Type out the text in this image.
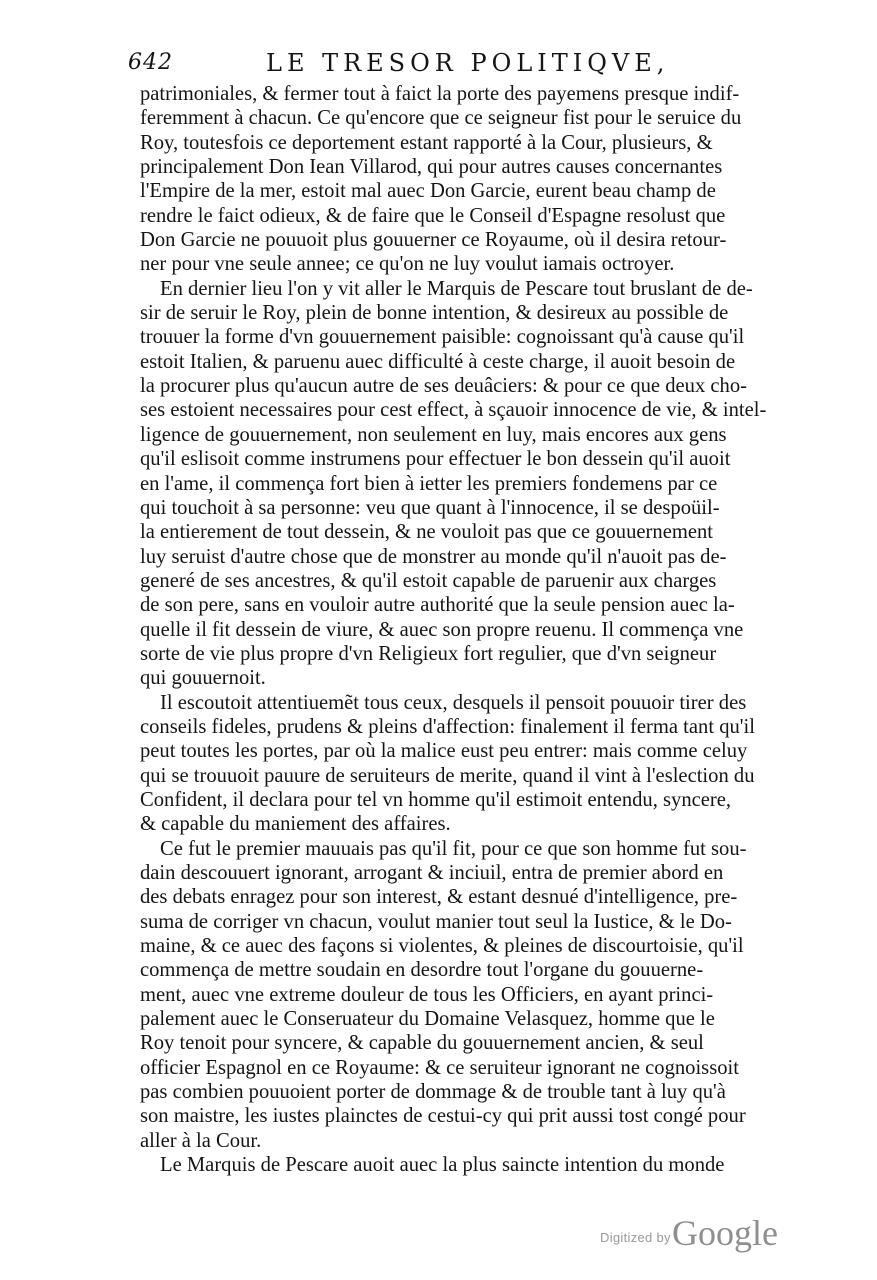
642	LE TRESOR POLITIQVE,
patrimoniales, & fermer tout à faict la porte des payemens presque indif-
feremment à chacun. Ce qu'encore que ce seigneur fist pour le seruice du
Roy, toutesfois ce deportement estant rapporté à la Cour, plusieurs, &
principalement Don Iean Villarod, qui pour autres causes concernantes
l'Empire de la mer, estoit mal auec Don Garcie, eurent beau champ de
rendre le faict odieux, & de faire que le Conseil d'Espagne resolust que
Don Garcie ne pouuoit plus gouuerner ce Royaume, où il desira retour-
ner pour vne seule annee; ce qu'on ne luy voulut iamais octroyer.
En dernier lieu l'on y vit aller le Marquis de Pescare tout bruslant de de-
sir de seruir le Roy, plein de bonne intention, & desireux au possible de
trouuer la forme d'vn gouuernement paisible: cognoissant qu'à cause qu'il
estoit Italien, & paruenu auec difficulté à ceste charge, il auoit besoin de
la procurer plus qu'aucun autre de ses deuâciers: & pour ce que deux cho-
ses estoient necessaires pour cest effect, à sçauoir innocence de vie, & intel-
ligence de gouuernement, non seulement en luy, mais encores aux gens
qu'il eslisoit comme instrumens pour effectuer le bon dessein qu'il auoit
en l'ame, il commença fort bien à ietter les premiers fondemens par ce
qui touchoit à sa personne: veu que quant à l'innocence, il se despoüil-
la entierement de tout dessein, & ne vouloit pas que ce gouuernement
luy seruist d'autre chose que de monstrer au monde qu'il n'auoit pas de-
generé de ses ancestres, & qu'il estoit capable de paruenir aux charges
de son pere, sans en vouloir autre authorité que la seule pension auec la-
quelle il fit dessein de viure, & auec son propre reuenu. Il commença vne
sorte de vie plus propre d'vn Religieux fort regulier, que d'vn seigneur
qui gouuernoit.
Il escoutoit attentiuemẽt tous ceux, desquels il pensoit pouuoir tirer des
conseils fideles, prudens & pleins d'affection: finalement il ferma tant qu'il
peut toutes les portes, par où la malice eust peu entrer: mais comme celuy
qui se trouuoit pauure de seruiteurs de merite, quand il vint à l'eslection du
Confident, il declara pour tel vn homme qu'il estimoit entendu, syncere,
& capable du maniement des affaires.
Ce fut le premier mauuais pas qu'il fit, pour ce que son homme fut sou-
dain descouuert ignorant, arrogant & inciuil, entra de premier abord en
des debats enragez pour son interest, & estant desnué d'intelligence, pre-
suma de corriger vn chacun, voulut manier tout seul la Iustice, & le Do-
maine, & ce auec des façons si violentes, & pleines de discourtoisie, qu'il
commença de mettre soudain en desordre tout l'organe du gouuerne-
ment, auec vne extreme douleur de tous les Officiers, en ayant princi-
palement auec le Conseruateur du Domaine Velasquez, homme que le
Roy tenoit pour syncere, & capable du gouuernement ancien, & seul
officier Espagnol en ce Royaume: & ce seruiteur ignorant ne cognoissoit
pas combien pouuoient porter de dommage & de trouble tant à luy qu'à
son maistre, les iustes plainctes de cestui-cy qui prit aussi tost congé pour
aller à la Cour.
Le Marquis de Pescare auoit auec la plus saincte intention du monde
Digitized by Google
